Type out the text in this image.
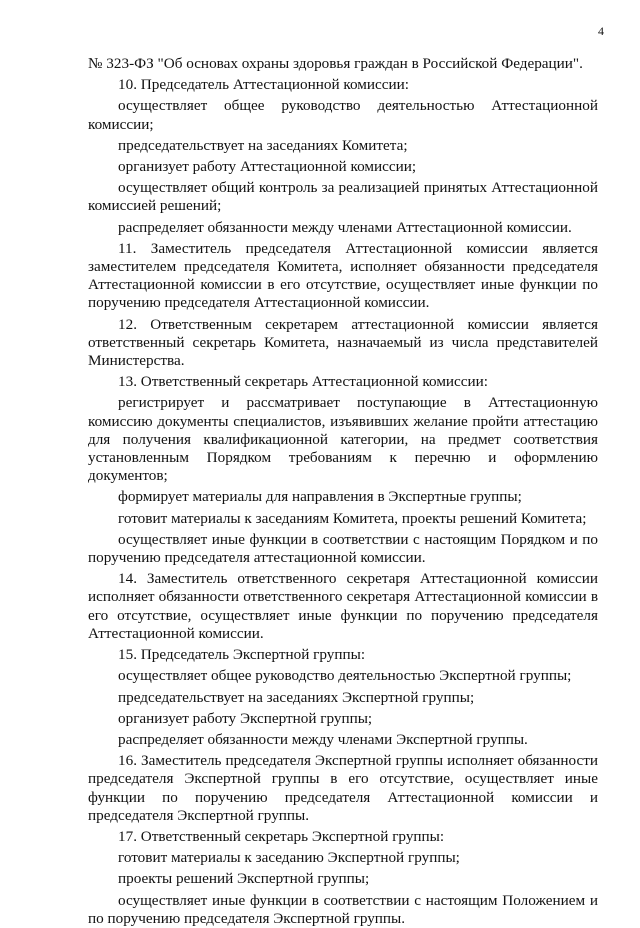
4

№ 323-ФЗ "Об основах охраны здоровья граждан в Российской Федерации".

10. Председатель Аттестационной комиссии:

осуществляет общее руководство деятельностью Аттестационной комиссии;

председательствует на заседаниях Комитета;

организует работу Аттестационной комиссии;

осуществляет общий контроль за реализацией принятых Аттестационной комиссией решений;

распределяет обязанности между членами Аттестационной комиссии.

11. Заместитель председателя Аттестационной комиссии является заместителем председателя Комитета, исполняет обязанности председателя Аттестационной комиссии в его отсутствие, осуществляет иные функции по поручению председателя Аттестационной комиссии.

12. Ответственным секретарем аттестационной комиссии является ответственный секретарь Комитета, назначаемый из числа представителей Министерства.

13. Ответственный секретарь Аттестационной комиссии:

регистрирует и рассматривает поступающие в Аттестационную комиссию документы специалистов, изъявивших желание пройти аттестацию для получения квалификационной категории, на предмет соответствия установленным Порядком требованиям к перечню и оформлению документов;

формирует материалы для направления в Экспертные группы;

готовит материалы к заседаниям Комитета, проекты решений Комитета;

осуществляет иные функции в соответствии с настоящим Порядком и по поручению председателя аттестационной комиссии.

14. Заместитель ответственного секретаря Аттестационной комиссии исполняет обязанности ответственного секретаря Аттестационной комиссии в его отсутствие, осуществляет иные функции по поручению председателя Аттестационной комиссии.

15. Председатель Экспертной группы:

осуществляет общее руководство деятельностью Экспертной группы;

председательствует на заседаниях Экспертной группы;

организует работу Экспертной группы;

распределяет обязанности между членами Экспертной группы.

16. Заместитель председателя Экспертной группы исполняет обязанности председателя Экспертной группы в его отсутствие, осуществляет иные функции по поручению председателя Аттестационной комиссии и председателя Экспертной группы.

17. Ответственный секретарь Экспертной группы:

готовит материалы к заседанию Экспертной группы;

проекты решений Экспертной группы;

осуществляет иные функции в соответствии с настоящим Положением и по поручению председателя Экспертной группы.
